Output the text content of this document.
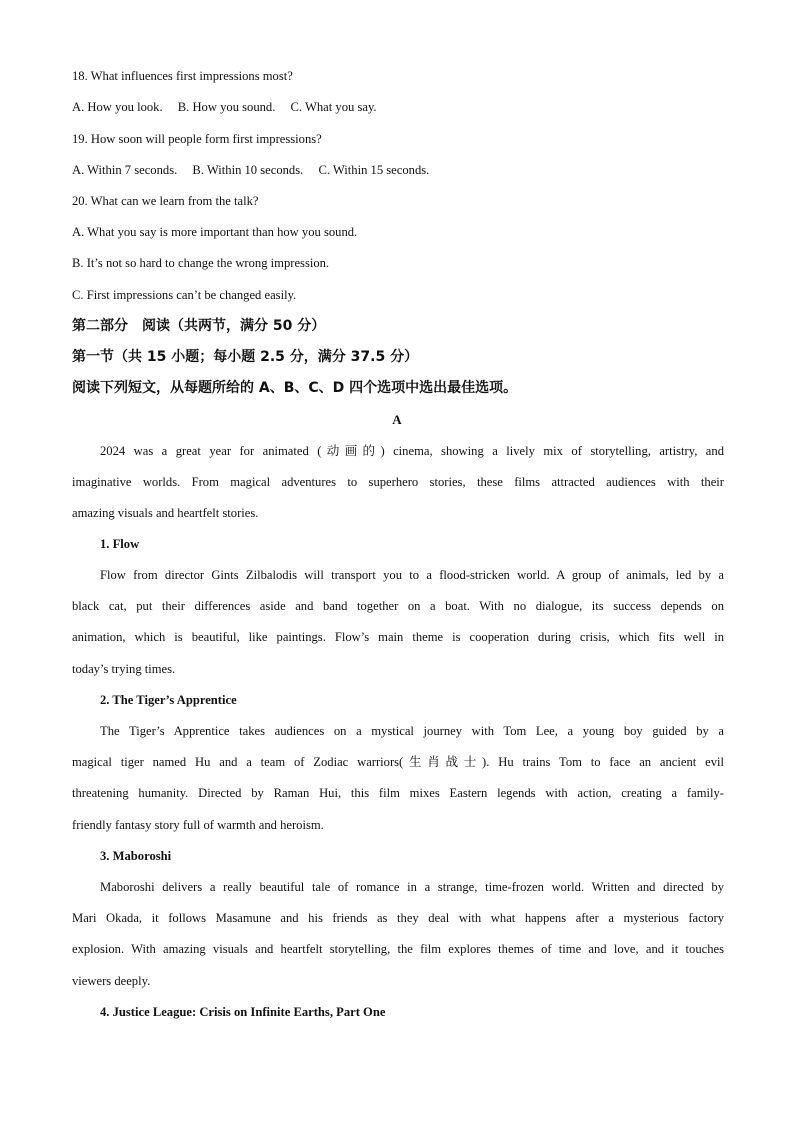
18. What influences first impressions most?
A. How you look. B. How you sound. C. What you say.
19. How soon will people form first impressions?
A. Within 7 seconds. B. Within 10 seconds. C. Within 15 seconds.
20. What can we learn from the talk?
A. What you say is more important than how you sound.
B. It’s not so hard to change the wrong impression.
C. First impressions can’t be changed easily.
第二部分　阅读（共两节，满分 50 分）
第一节（共 15 小题；每小题 2.5 分，满分 37.5 分）
阅读下列短文，从每题所给的 A、B、C、D 四个选项中选出最佳选项。
A
2024 was a great year for animated (动画的) cinema, showing a lively mix of storytelling, artistry, and
imaginative worlds. From magical adventures to superhero stories, these films attracted audiences with their
amazing visuals and heartfelt stories.
1. Flow
Flow from director Gints Zilbalodis will transport you to a flood-stricken world. A group of animals, led by a
black cat, put their differences aside and band together on a boat. With no dialogue, its success depends on
animation, which is beautiful, like paintings. Flow’s main theme is cooperation during crisis, which fits well in
today’s trying times.
2. The Tiger’s Apprentice
The Tiger’s Apprentice takes audiences on a mystical journey with Tom Lee, a young boy guided by a
magical tiger named Hu and a team of Zodiac warriors(生肖战士). Hu trains Tom to face an ancient evil
threatening humanity. Directed by Raman Hui, this film mixes Eastern legends with action, creating a family-
friendly fantasy story full of warmth and heroism.
3. Maboroshi
Maboroshi delivers a really beautiful tale of romance in a strange, time-frozen world. Written and directed by
Mari Okada, it follows Masamune and his friends as they deal with what happens after a mysterious factory
explosion. With amazing visuals and heartfelt storytelling, the film explores themes of time and love, and it touches
viewers deeply.
4. Justice League: Crisis on Infinite Earths, Part One
